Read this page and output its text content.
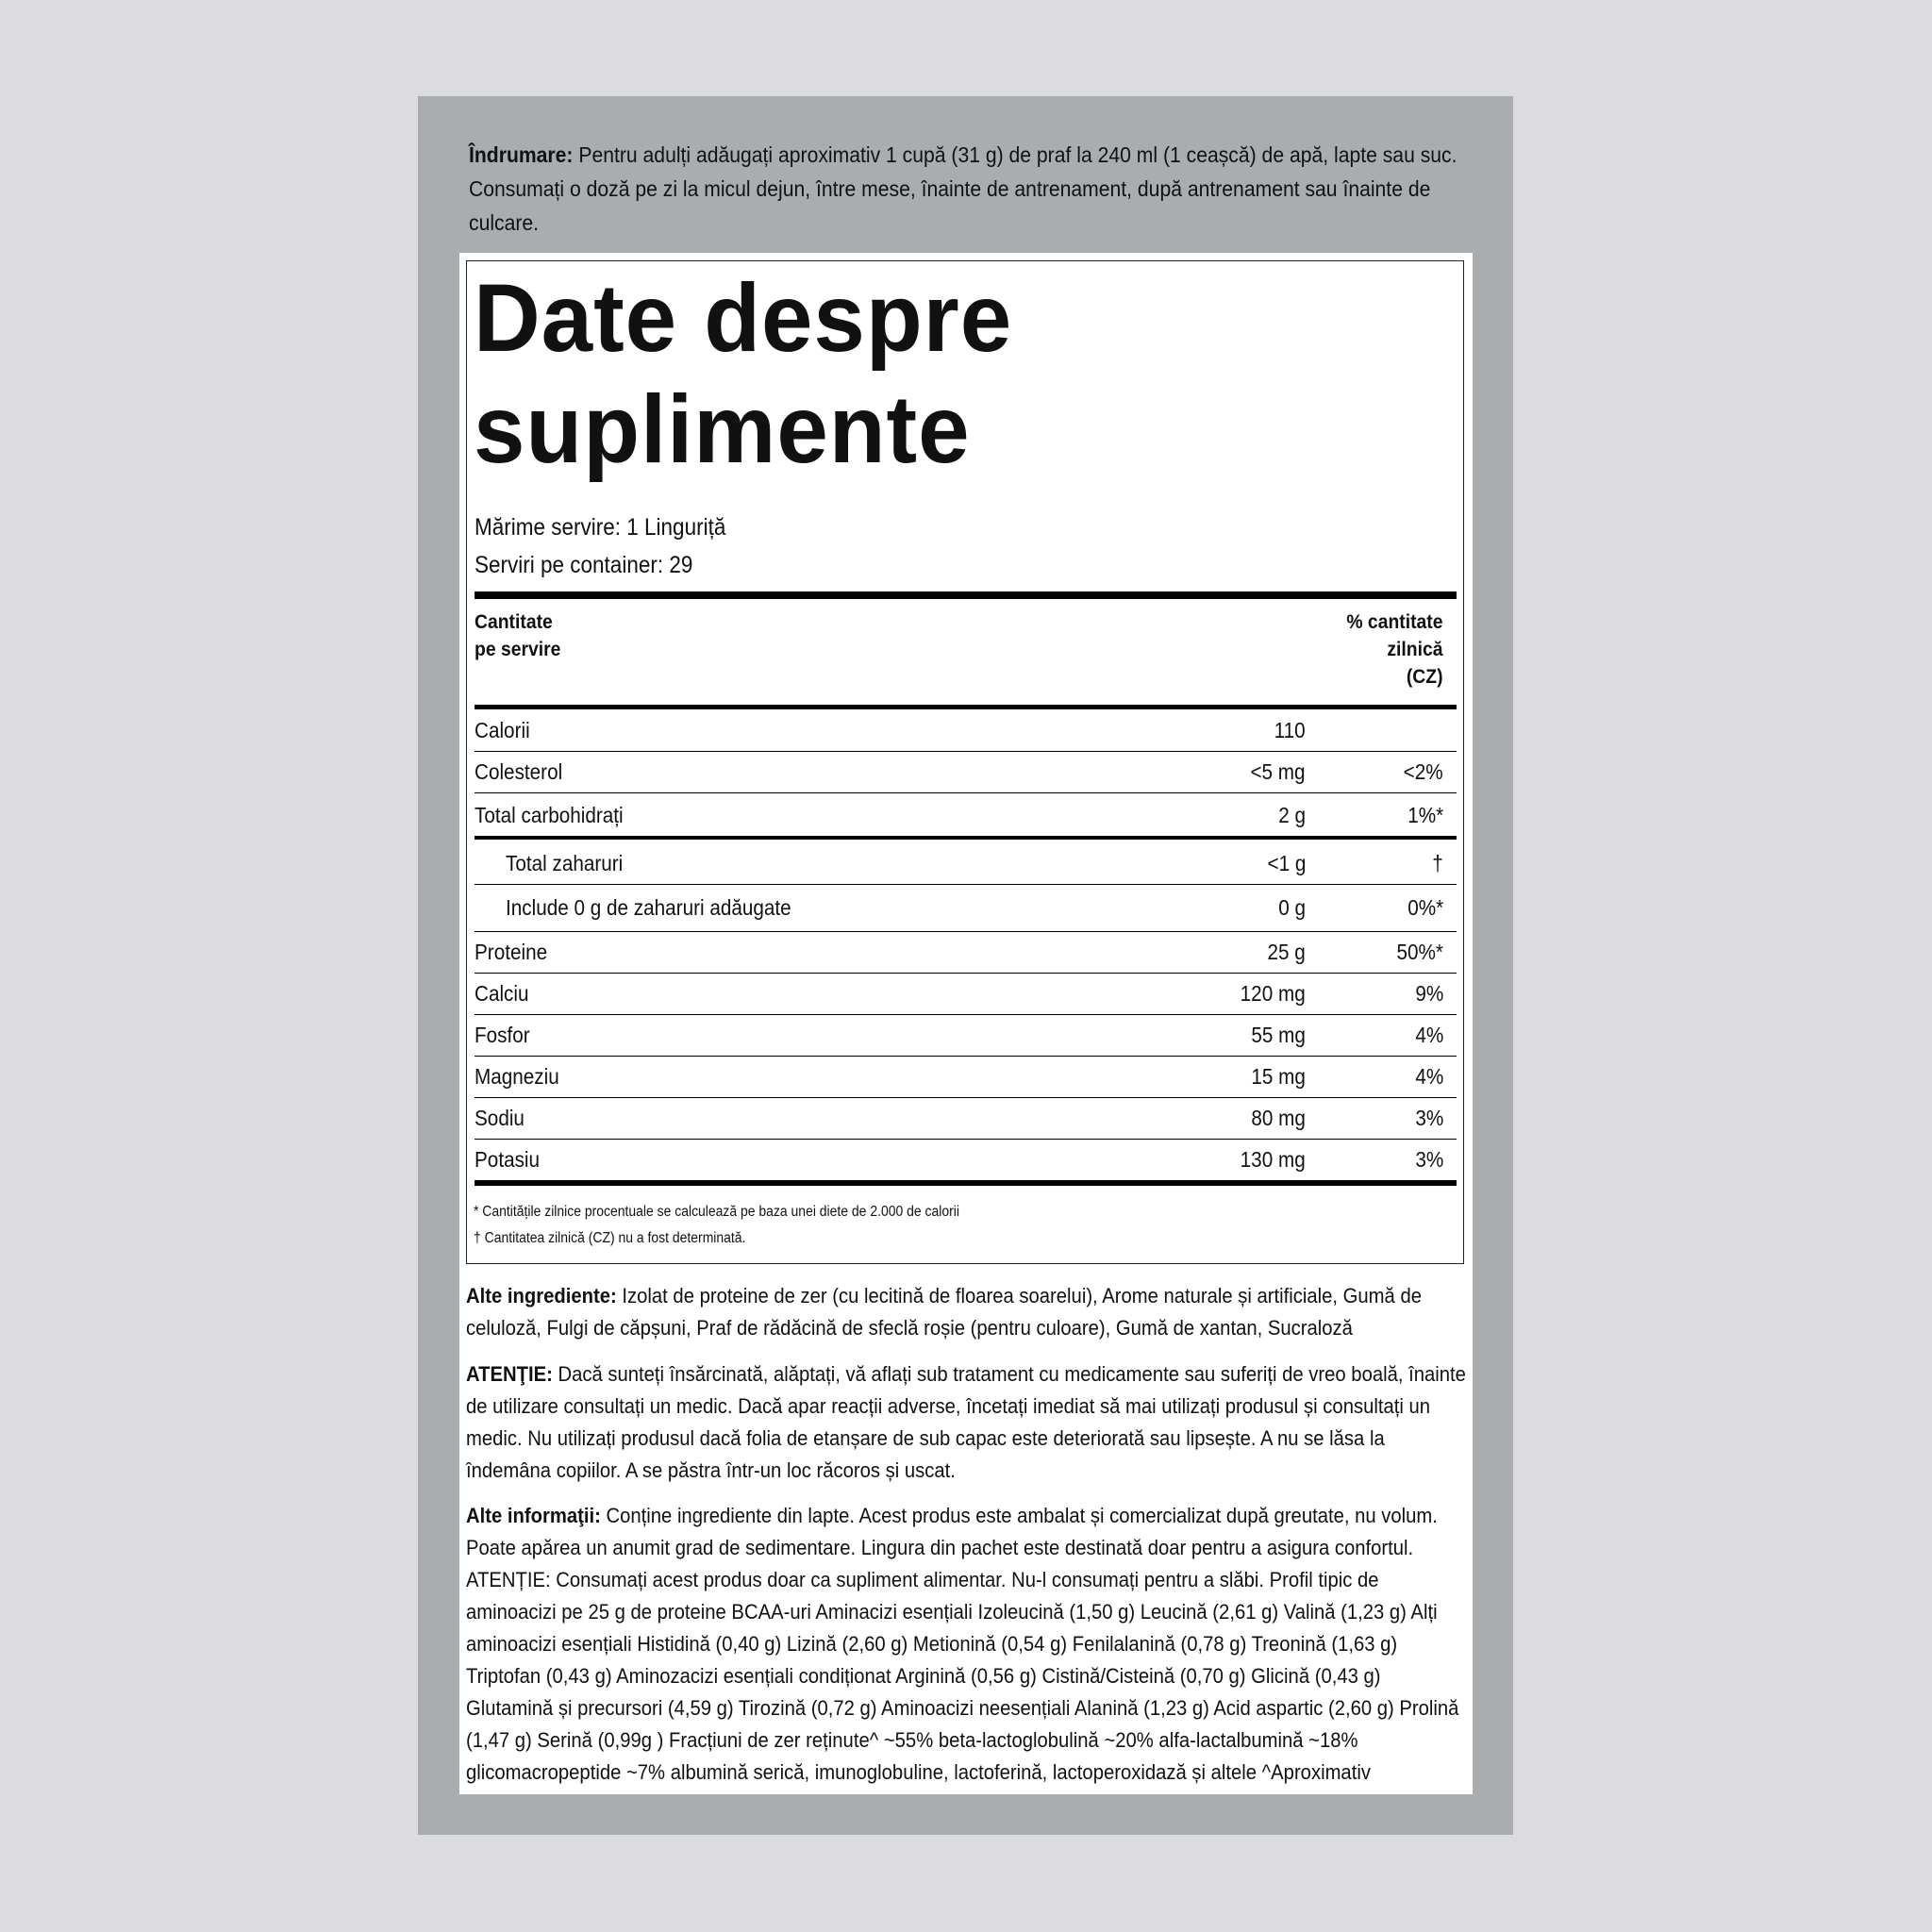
Îndrumare: Pentru adulți adăugați aproximativ 1 cupă (31 g) de praf la 240 ml (1 ceașcă) de apă, lapte sau suc. Consumați o doză pe zi la micul dejun, între mese, înainte de antrenament, după antrenament sau înainte de culcare.
Date despre
suplimente
Mărime servire: 1 Linguriță
Serviri pe container: 29
Cantitate
pe servire
% cantitate
zilnică
(CZ)
Calorii	110
Colesterol	<5 mg	<2%
Total carbohidrați	2 g	1%*
Total zaharuri	<1 g	†
Include 0 g de zaharuri adăugate	0 g	0%*
Proteine	25 g	50%*
Calciu	120 mg	9%
Fosfor	55 mg	4%
Magneziu	15 mg	4%
Sodiu	80 mg	3%
Potasiu	130 mg	3%
* Cantitățile zilnice procentuale se calculează pe baza unei diete de 2.000 de calorii
† Cantitatea zilnică (CZ) nu a fost determinată.

Alte ingrediente: Izolat de proteine de zer (cu lecitină de floarea soarelui), Arome naturale și artificiale, Gumă de celuloză, Fulgi de căpșuni, Praf de rădăcină de sfeclă roșie (pentru culoare), Gumă de xantan, Sucraloză

ATENŢIE: Dacă sunteți însărcinată, alăptați, vă aflați sub tratament cu medicamente sau suferiți de vreo boală, înainte de utilizare consultați un medic. Dacă apar reacții adverse, încetați imediat să mai utilizați produsul și consultați un medic. Nu utilizați produsul dacă folia de etanșare de sub capac este deteriorată sau lipsește. A nu se lăsa la îndemâna copiilor. A se păstra într-un loc răcoros și uscat.

Alte informaţii: Conține ingrediente din lapte. Acest produs este ambalat și comercializat după greutate, nu volum. Poate apărea un anumit grad de sedimentare. Lingura din pachet este destinată doar pentru a asigura confortul. ATENȚIE: Consumați acest produs doar ca supliment alimentar. Nu-l consumați pentru a slăbi. Profil tipic de aminoacizi pe 25 g de proteine BCAA-uri Aminacizi esențiali Izoleucină (1,50 g) Leucină (2,61 g) Valină (1,23 g) Alți aminoacizi esențiali Histidină (0,40 g) Lizină (2,60 g) Metionină (0,54 g) Fenilalanină (0,78 g) Treonină (1,63 g) Triptofan (0,43 g) Aminozacizi esențiali condiționat Arginină (0,56 g) Cistină/Cisteină (0,70 g) Glicină (0,43 g) Glutamină și precursori (4,59 g) Tirozină (0,72 g) Aminoacizi neesențiali Alanină (1,23 g) Acid aspartic (2,60 g) Prolină (1,47 g) Serină (0,99g ) Fracțiuni de zer reținute^ ~55% beta-lactoglobulină ~20% alfa-lactalbumină ~18% glicomacropeptide ~7% albumină serică, imunoglobuline, lactoferină, lactoperoxidază și altele ^Aproximativ
